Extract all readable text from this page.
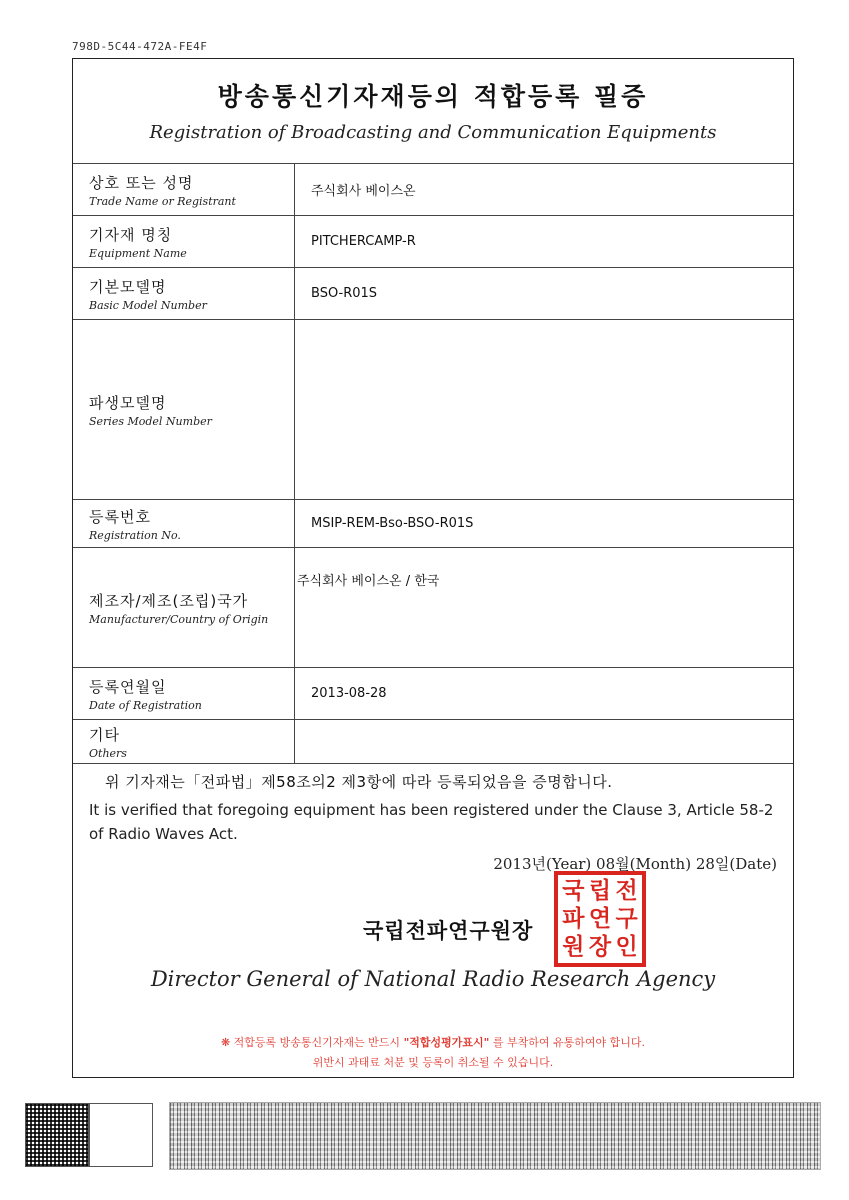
798D-5C44-472A-FE4F
방송통신기자재등의 적합등록 필증
Registration of Broadcasting and Communication Equipments
상호 또는 성명
Trade Name or Registrant
주식회사 베이스온
기자재 명칭
Equipment Name
PITCHERCAMP-R
기본모델명
Basic Model Number
BSO-R01S
파생모델명
Series Model Number
등록번호
Registration No.
MSIP-REM-Bso-BSO-R01S
제조자/제조(조립)국가
Manufacturer/Country of Origin
주식회사 베이스온 / 한국
등록연월일
Date of Registration
2013-08-28
기타
Others
위 기자재는「전파법」제58조의2 제3항에 따라 등록되었음을 증명합니다.
It is verified that foregoing equipment has been registered under the Clause 3, Article 58-2 of Radio Waves Act.
2013년(Year) 08월(Month) 28일(Date)
국립전파연구원장
국 립 전
파 연 구
원 장 인
Director General of National Radio Research Agency
❋ 적합등록 방송통신기자재는 반드시 "적합성평가표시" 를 부착하여 유통하여야 합니다.
위반시 과태료 처분 및 등록이 취소될 수 있습니다.
